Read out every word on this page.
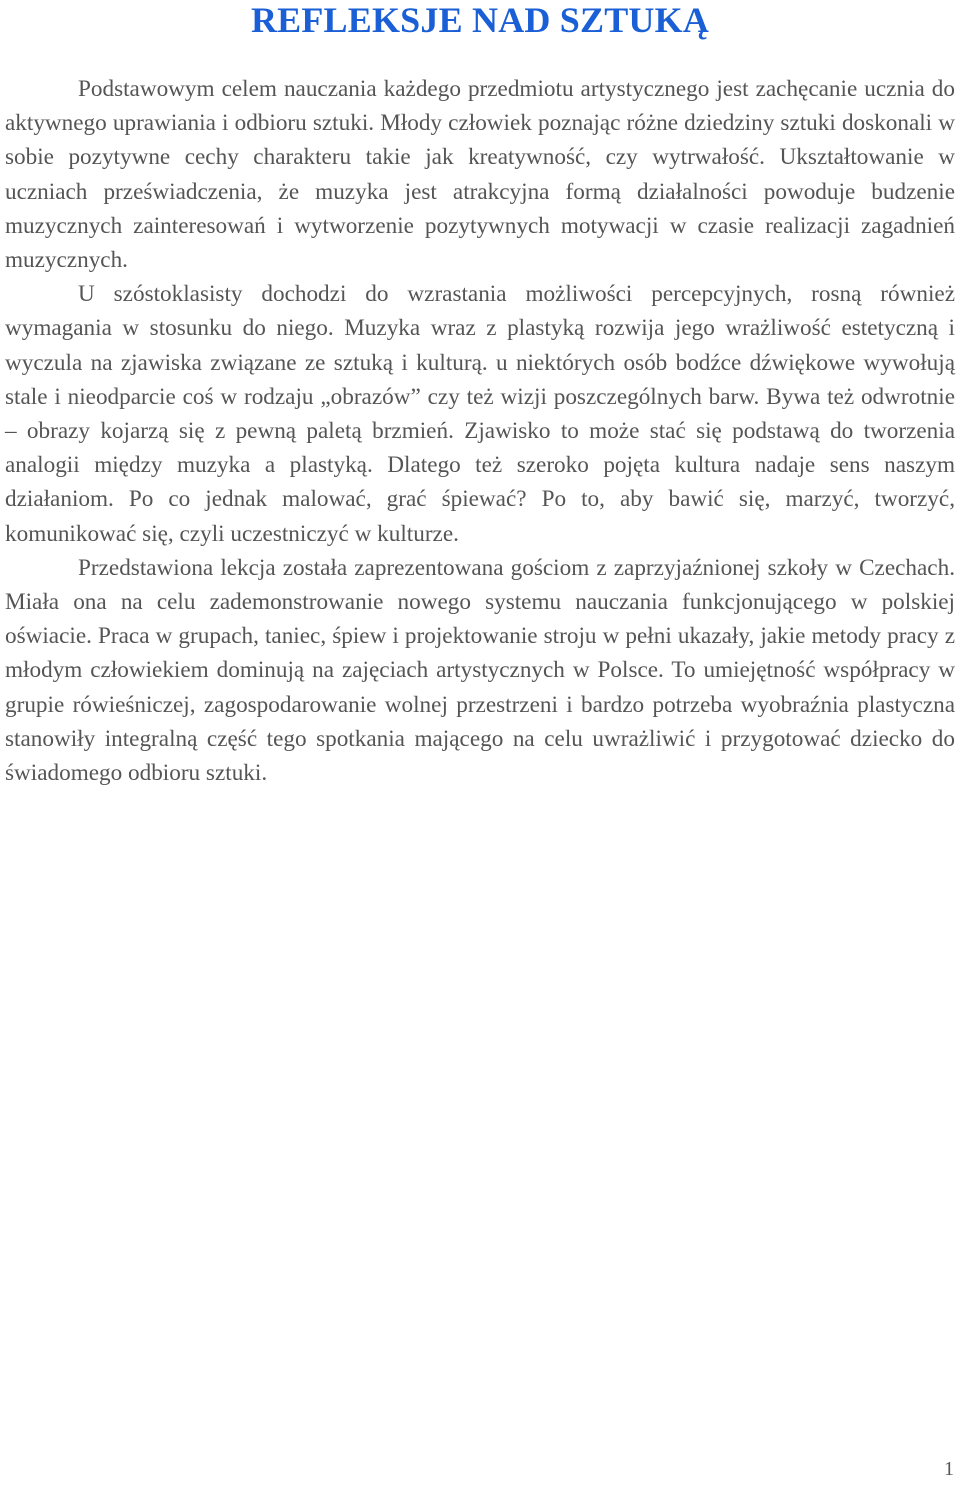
REFLEKSJE NAD SZTUKĄ

Podstawowym celem nauczania każdego przedmiotu artystycznego jest zachęcanie ucznia do aktywnego uprawiania i odbioru sztuki. Młody człowiek poznając różne dziedziny sztuki doskonali w sobie pozytywne cechy charakteru takie jak kreatywność, czy wytrwałość. Ukształtowanie w uczniach przeświadczenia, że muzyka jest atrakcyjna formą działalności powoduje budzenie muzycznych zainteresowań i wytworzenie pozytywnych motywacji w czasie realizacji zagadnień muzycznych.

U szóstoklasisty dochodzi do wzrastania możliwości percepcyjnych, rosną również wymagania w stosunku do niego. Muzyka wraz z plastyką rozwija jego wrażliwość estetyczną i wyczula na zjawiska związane ze sztuką i kulturą. u niektórych osób bodźce dźwiękowe wywołują stale i nieodparcie coś w rodzaju „obrazów” czy też wizji poszczególnych barw. Bywa też odwrotnie – obrazy kojarzą się z pewną paletą brzmień. Zjawisko to może stać się podstawą do tworzenia analogii między muzyka a plastyką. Dlatego też szeroko pojęta kultura nadaje sens naszym działaniom. Po co jednak malować, grać śpiewać? Po to, aby bawić się, marzyć, tworzyć, komunikować się, czyli uczestniczyć w kulturze.

Przedstawiona lekcja została zaprezentowana gościom z zaprzyjaźnionej szkoły w Czechach. Miała ona na celu zademonstrowanie nowego systemu nauczania funkcjonującego w polskiej oświacie. Praca w grupach, taniec, śpiew i projektowanie stroju w pełni ukazały, jakie metody pracy z młodym człowiekiem dominują na zajęciach artystycznych w Polsce. To umiejętność współpracy w grupie rówieśniczej, zagospodarowanie wolnej przestrzeni i bardzo potrzeba wyobraźnia plastyczna stanowiły integralną część tego spotkania mającego na celu uwrażliwić i przygotować dziecko do świadomego odbioru sztuki.

1
